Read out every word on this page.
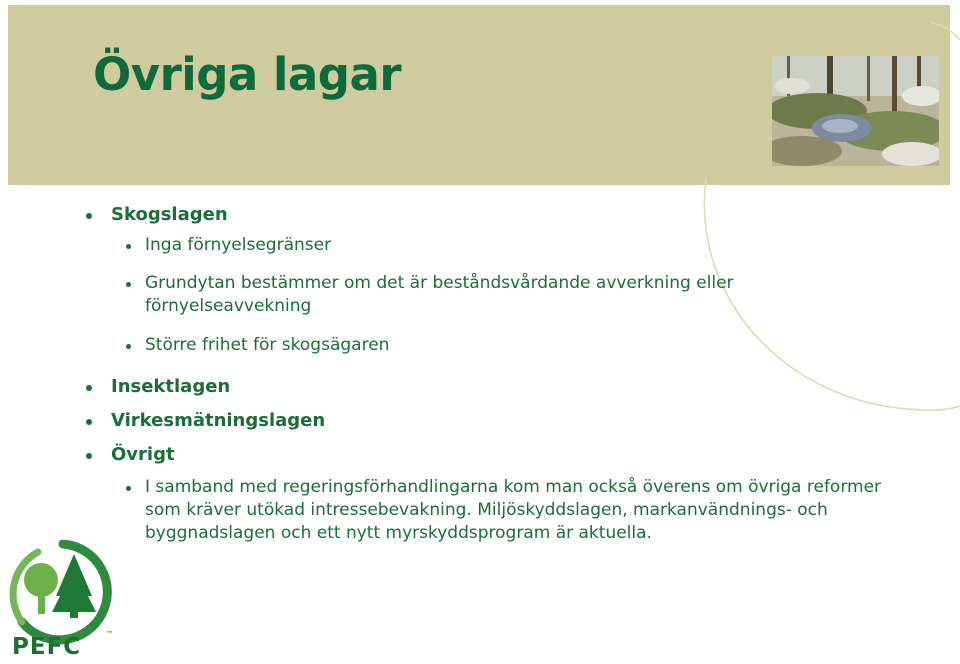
Övriga lagar
Skogslagen
Inga förnyelsegränser
Grundytan bestämmer om det är beståndsvårdande avverkning eller förnyelseavvekning
Större frihet för skogsägaren
Insektlagen
Virkesmätningslagen
Övrigt
I samband med regeringsförhandlingarna kom man också överens om övriga reformer som kräver utökad intressebevakning. Miljöskyddslagen, markanvändnings- och byggnadslagen och ett nytt myrskyddsprogram är aktuella.
PEFC	™
